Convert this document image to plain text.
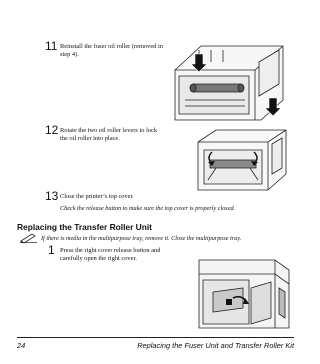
11 Reinstall the fuser oil roller (removed in step 4).
12 Rotate the two oil roller levers to lock the oil roller into place.
13 Close the printer’s top cover.
Check the release button to make sure the top cover is properly closed.
Replacing the Transfer Roller Unit
If there is media in the multipurpose tray, remove it. Close the multipurpose tray.
1 Press the right cover release button and carefully open the right cover.
24	Replacing the Fuser Unit and Transfer Roller Kit
